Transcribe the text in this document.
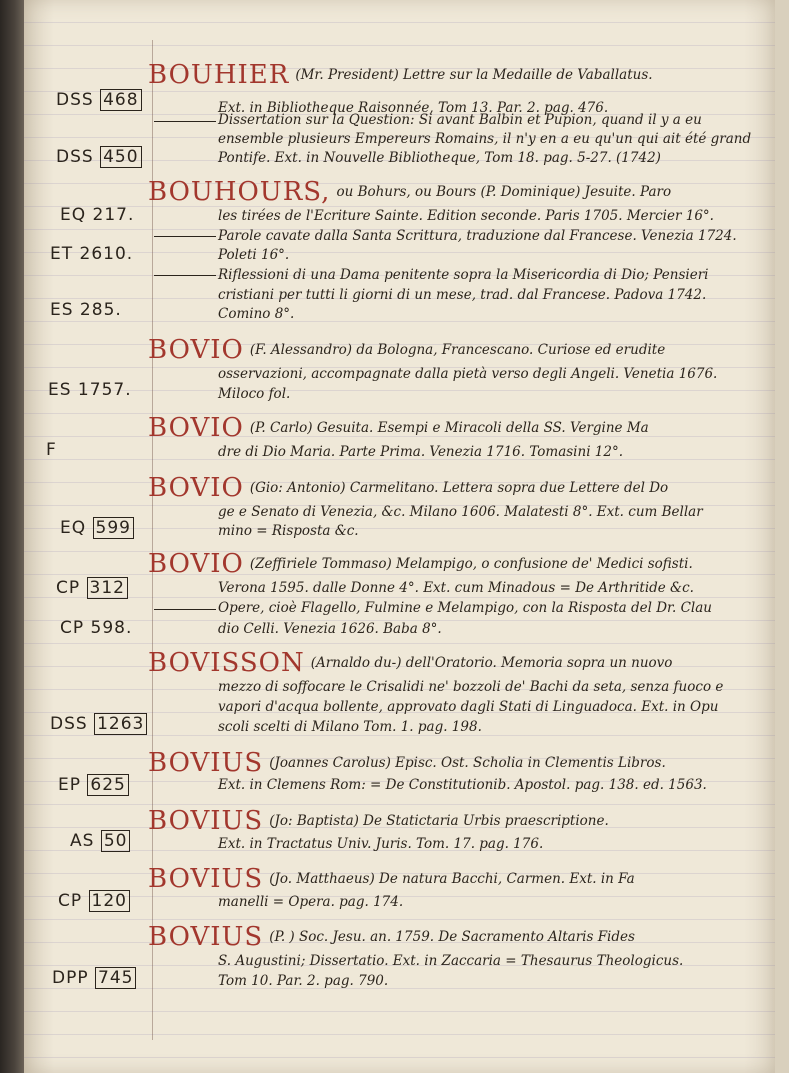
BOUHIER (Mr. President) Lettre sur la Medaille de Vaballatus.
Ext. in Bibliotheque Raisonnée, Tom 13. Par. 2. pag. 476.
DSS 468
Dissertation sur la Question: Si avant Balbin et Pupion, quand il y a eu
ensemble plusieurs Empereurs Romains, il n'y en a eu qu'un qui ait été grand
Pontife. Ext. in Nouvelle Bibliotheque, Tom 18. pag. 5-27. (1742)
DSS 450
BOUHOURS, ou Bohurs, ou Bours (P. Dominique) Jesuite. Paro
les tirées de l'Ecriture Sainte. Edition seconde. Paris 1705. Mercier 16°.
EQ 217.
Parole cavate dalla Santa Scrittura, traduzione dal Francese. Venezia 1724.
Poleti 16°.
ET 2610.
Riflessioni di una Dama penitente sopra la Misericordia di Dio; Pensieri
cristiani per tutti li giorni di un mese, trad. dal Francese. Padova 1742.
Comino 8°.
ES 285.
BOVIO (F. Alessandro) da Bologna, Francescano. Curiose ed erudite
osservazioni, accompagnate dalla pietà verso degli Angeli. Venetia 1676.
Miloco fol.
ES 1757.
BOVIO (P. Carlo) Gesuita. Esempi e Miracoli della SS. Vergine Ma
dre di Dio Maria. Parte Prima. Venezia 1716. Tomasini 12°.
F
BOVIO (Gio: Antonio) Carmelitano. Lettera sopra due Lettere del Do
ge e Senato di Venezia, &c. Milano 1606. Malatesti 8°. Ext. cum Bellar
mino = Risposta &c.
EQ 599
BOVIO (Zeffiriele Tommaso) Melampigo, o confusione de' Medici sofisti.
Verona 1595. dalle Donne 4°. Ext. cum Minadous = De Arthritide &c.
CP 312
Opere, cioè Flagello, Fulmine e Melampigo, con la Risposta del Dr. Clau
dio Celli. Venezia 1626. Baba 8°.
CP 598.
BOVISSON (Arnaldo du-) dell'Oratorio. Memoria sopra un nuovo
mezzo di soffocare le Crisalidi ne' bozzoli de' Bachi da seta, senza fuoco e
vapori d'acqua bollente, approvato dagli Stati di Linguadoca. Ext. in Opu
scoli scelti di Milano Tom. 1. pag. 198.
DSS 1263
BOVIUS (Joannes Carolus) Episc. Ost. Scholia in Clementis Libros.
Ext. in Clemens Rom: = De Constitutionib. Apostol. pag. 138. ed. 1563.
EP 625
BOVIUS (Jo: Baptista) De Statictaria Urbis praescriptione.
Ext. in Tractatus Univ. Juris. Tom. 17. pag. 176.
AS 50
BOVIUS (Jo. Matthaeus) De natura Bacchi, Carmen. Ext. in Fa
manelli = Opera. pag. 174.
CP 120
BOVIUS (P. ) Soc. Jesu. an. 1759. De Sacramento Altaris Fides
S. Augustini; Dissertatio. Ext. in Zaccaria = Thesaurus Theologicus.
Tom 10. Par. 2. pag. 790.
DPP 745
